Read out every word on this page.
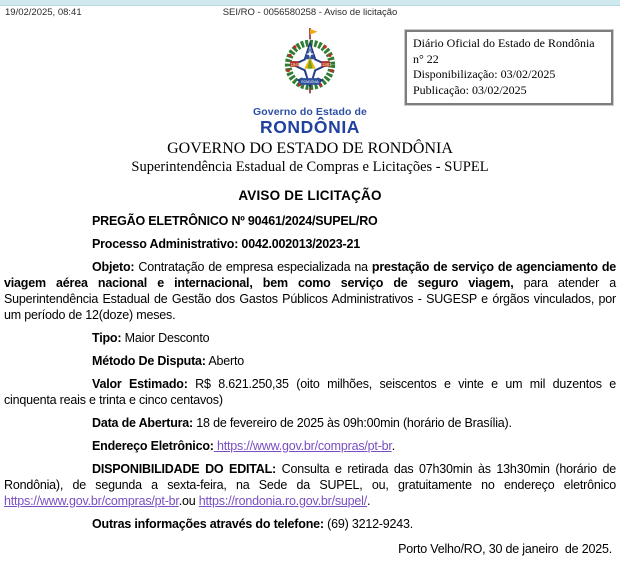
19/02/2025, 08:41	SEI/RO - 0056580258 - Aviso de licitação
Diário Oficial do Estado de Rondônia n° 22
Disponibilização: 03/02/2025
Publicação: 03/02/2025
1943	1981
RONDÔNIA
Governo do Estado de
RONDÔNIA
GOVERNO DO ESTADO DE RONDÔNIA
Superintendência Estadual de Compras e Licitações - SUPEL
AVISO DE LICITAÇÃO

PREGÃO ELETRÔNICO Nº 90461/2024/SUPEL/RO

Processo Administrativo: 0042.002013/2023-21

Objeto: Contratação de empresa especializada na prestação de serviço de agenciamento de viagem aérea nacional e internacional, bem como serviço de seguro viagem, para atender a Superintendência Estadual de Gestão dos Gastos Públicos Administrativos - SUGESP e órgãos vinculados, por um período de 12(doze) meses.

Tipo: Maior Desconto

Método De Disputa: Aberto

Valor Estimado: R$ 8.621.250,35 (oito milhões, seiscentos e vinte e um mil duzentos e cinquenta reais e trinta e cinco centavos)

Data de Abertura: 18 de fevereiro de 2025 às 09h:00min (horário de Brasília).

Endereço Eletrônico: https://www.gov.br/compras/pt-br.

DISPONIBILIDADE DO EDITAL: Consulta e retirada das 07h30min às 13h30min (horário de Rondônia), de segunda a sexta-feira, na Sede da SUPEL, ou, gratuitamente no endereço eletrônico https://www.gov.br/compras/pt-br.ou https://rondonia.ro.gov.br/supel/.

Outras informações através do telefone: (69) 3212-9243.

Porto Velho/RO, 30 de janeiro  de 2025.
